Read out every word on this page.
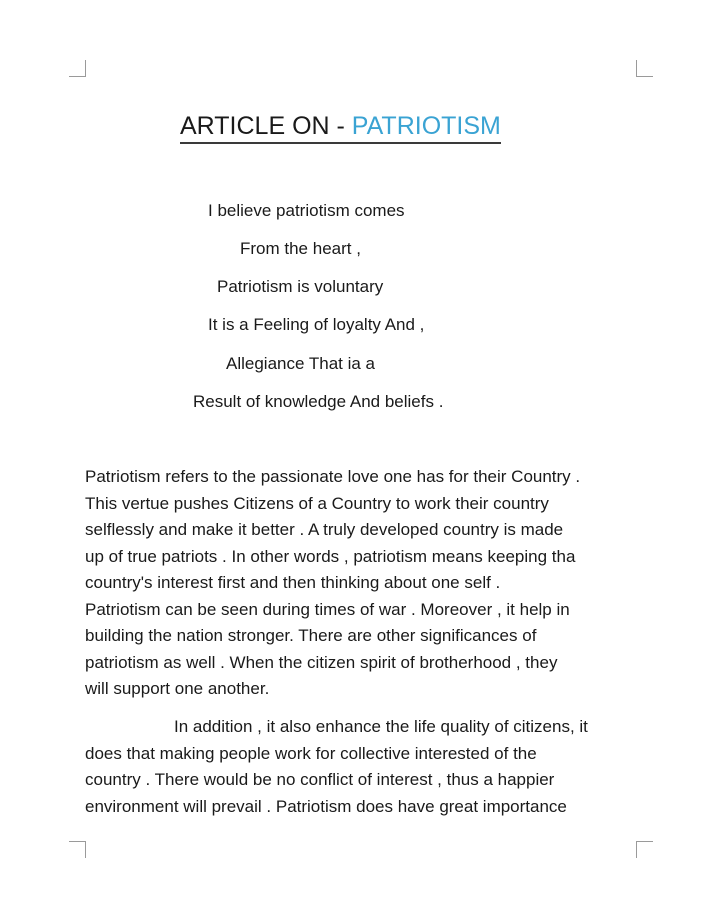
ARTICLE ON - PATRIOTISM
I believe patriotism comes
From the heart ,
Patriotism is voluntary
It is a Feeling of loyalty And ,
Allegiance That ia a
Result of knowledge And beliefs .
Patriotism refers to the passionate love one has for their Country .
This vertue pushes Citizens of a Country to work their country
selflessly and make it better . A truly developed country is made
up of true patriots . In other words , patriotism means keeping tha
country's interest first and then thinking about one self .
Patriotism can be seen during times of war . Moreover , it help in
building the nation stronger. There are other significances of
patriotism as well . When the citizen spirit of brotherhood , they
will support one another.
In addition , it also enhance the life quality of citizens, it
does that making people work for collective interested of the
country . There would be no conflict of interest , thus a happier
environment will prevail . Patriotism does have great importance
